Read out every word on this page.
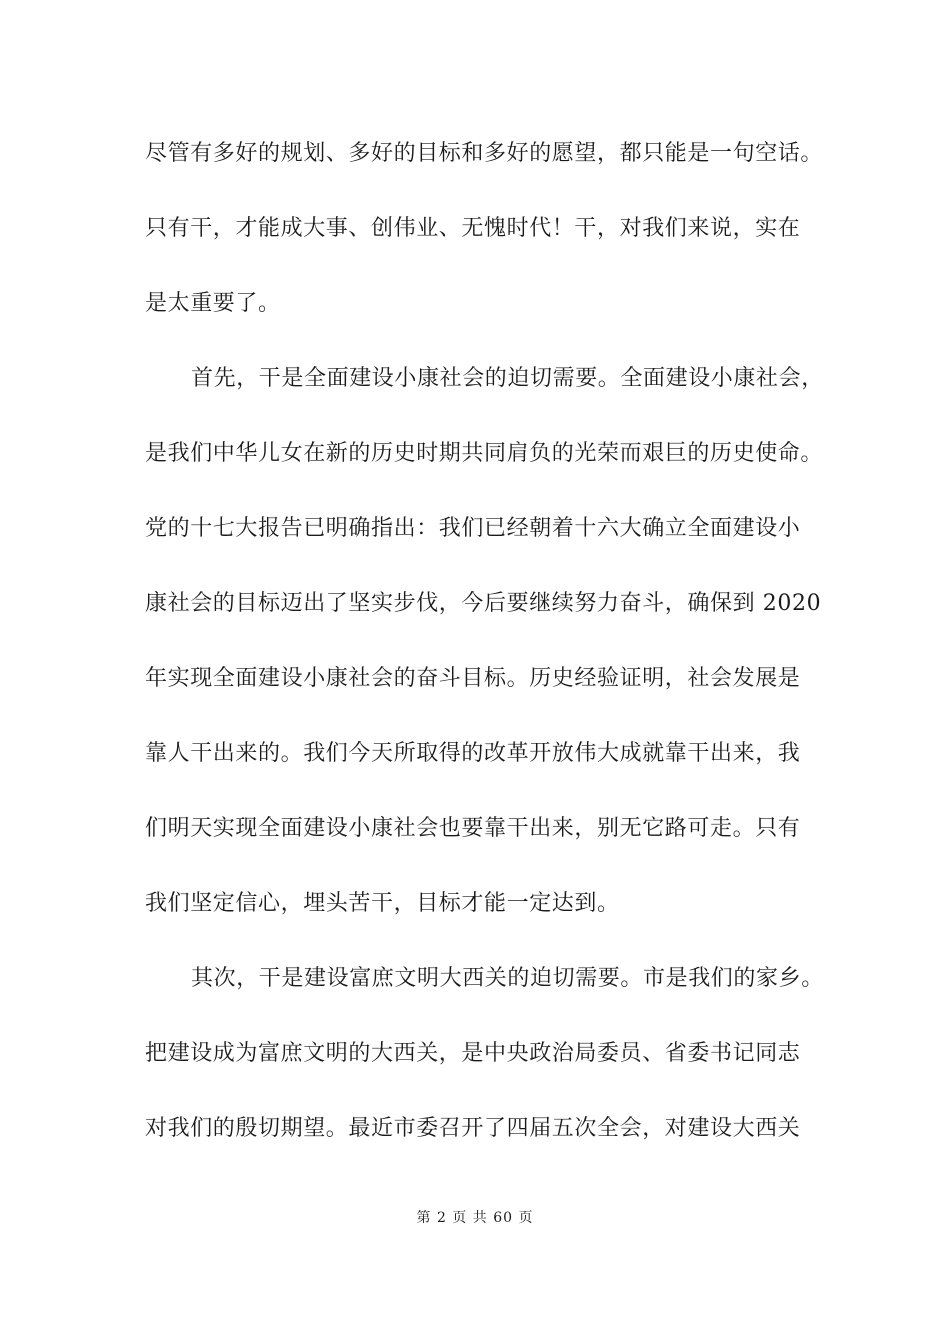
尽管有多好的规划、多好的目标和多好的愿望，都只能是一句空话。
只有干，才能成大事、创伟业、无愧时代！干，对我们来说，实在
是太重要了。
首先，干是全面建设小康社会的迫切需要。全面建设小康社会，
是我们中华儿女在新的历史时期共同肩负的光荣而艰巨的历史使命。
党的十七大报告已明确指出：我们已经朝着十六大确立全面建设小
康社会的目标迈出了坚实步伐，今后要继续努力奋斗，确保到 2020
年实现全面建设小康社会的奋斗目标。历史经验证明，社会发展是
靠人干出来的。我们今天所取得的改革开放伟大成就靠干出来，我
们明天实现全面建设小康社会也要靠干出来，别无它路可走。只有
我们坚定信心，埋头苦干，目标才能一定达到。
其次，干是建设富庶文明大西关的迫切需要。市是我们的家乡。
把建设成为富庶文明的大西关，是中央政治局委员、省委书记同志
对我们的殷切期望。最近市委召开了四届五次全会，对建设大西关
第 2 页 共 60 页
